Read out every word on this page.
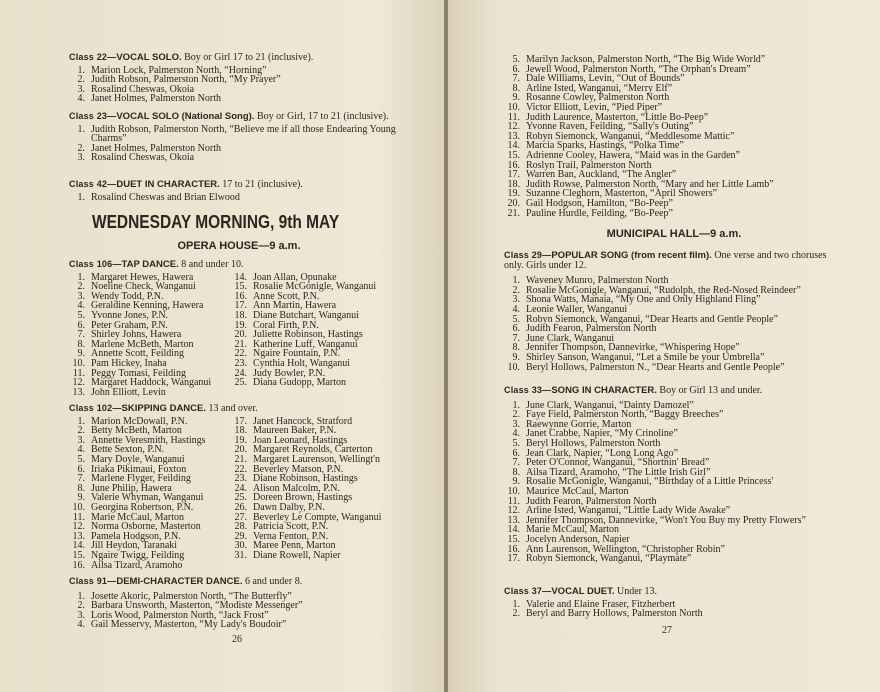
Class 22—VOCAL SOLO. Boy or Girl 17 to 21 (inclusive).

1. Marion Lock, Palmerston North, “Horning”
2. Judith Robson, Palmerston North, “My Prayer”
3. Rosalind Cheswas, Okoia
4. Janet Holmes, Palmerston North

Class 23—VOCAL SOLO (National Song). Boy or Girl, 17 to 21 (inclusive).

1. Judith Robson, Palmerston North, “Believe me if all those Endearing Young Charms”
2. Janet Holmes, Palmerston North
3. Rosalind Cheswas, Okoia

Class 42—DUET IN CHARACTER. 17 to 21 (inclusive).

1. Rosalind Cheswas and Brian Elwood
WEDNESDAY MORNING, 9th MAY
OPERA HOUSE—9 a.m.

Class 106—TAP DANCE. 8 and under 10.

1. Margaret Hewes, Hawera
2. Noeline Check, Wanganui
3. Wendy Todd, P.N.
4. Geraldine Kenning, Hawera
5. Yvonne Jones, P.N.
6. Peter Graham, P.N.
7. Shirley Johns, Hawera
8. Marlene McBeth, Marton
9. Annette Scott, Feilding
10. Pam Hickey, Inaha
11. Peggy Tomasi, Feilding
12. Margaret Haddock, Wanganui
13. John Elliott, Levin
14. Joan Allan, Opunake
15. Rosalie McGonigle, Wanganui
16. Anne Scott, P.N.
17. Ann Martin, Hawera
18. Diane Butchart, Wanganui
19. Coral Firth, P.N.
20. Juliette Robinson, Hastings
21. Katherine Luff, Wanganui
22. Ngaire Fountain, P.N.
23. Cynthia Holt, Wanganui
24. Judy Bowler, P.N.
25. Diana Gudopp, Marton

Class 102—SKIPPING DANCE. 13 and over.

1. Marion McDowall, P.N.
2. Betty McBeth, Marton
3. Annette Veresmith, Hastings
4. Bette Sexton, P.N.
5. Mary Doyle, Wanganui
6. Iriaka Pikimaui, Foxton
7. Marlene Flyger, Feilding
8. June Philip, Hawera
9. Valerie Whyman, Wanganui
10. Georgina Robertson, P.N.
11. Marie McCaul, Marton
12. Norma Osborne, Masterton
13. Pamela Hodgson, P.N.
14. Jill Heydon, Taranaki
15. Ngaire Twigg, Feilding
16. Ailsa Tizard, Aramoho
17. Janet Hancock, Stratford
18. Maureen Baker, P.N.
19. Joan Leonard, Hastings
20. Margaret Reynolds, Carterton
21. Margaret Laurenson, Wellingt'n
22. Beverley Matson, P.N.
23. Diane Robinson, Hastings
24. Alison Malcolm, P.N.
25. Doreen Brown, Hastings
26. Dawn Dalby, P.N.
27. Beverley Le Compte, Wanganui
28. Patricia Scott, P.N.
29. Verna Fenton, P.N.
30. Maree Penn, Marton
31. Diane Rowell, Napier

Class 91—DEMI-CHARACTER DANCE. 6 and under 8.

1. Josette Akoric, Palmerston North, “The Butterfly”
2. Barbara Unsworth, Masterton, “Modiste Messenger”
3. Loris Wood, Palmerston North, “Jack Frost”
4. Gail Messervy, Masterton, “My Lady's Boudoir”
26
5. Marilyn Jackson, Palmerston North, “The Big Wide World”
6. Jewell Wood, Palmerston North, “The Orphan's Dream”
7. Dale Williams, Levin, “Out of Bounds”
8. Arline Isted, Wanganui, “Merry Elf”
9. Rosanne Cowley, Palmerston North
10. Victor Elliott, Levin, “Pied Piper”
11. Judith Laurence, Masterton, “Little Bo-Peep”
12. Yvonne Raven, Feilding, “Sally's Outing”
13. Robyn Siemonck, Wanganui, “Meddlesome Mattic”
14. Marcia Sparks, Hastings, “Polka Time”
15. Adrienne Cooley, Hawera, “Maid was in the Garden”
16. Roslyn Trail, Palmerston North
17. Warren Ban, Auckland, “The Angler”
18. Judith Rowse, Palmerston North, “Mary and her Little Lamb”
19. Suzanne Cleghorn, Masterton, “April Showers”
20. Gail Hodgson, Hamilton, “Bo-Peep”
21. Pauline Hurdle, Feilding, “Bo-Peep”
MUNICIPAL HALL—9 a.m.

Class 29—POPULAR SONG (from recent film). One verse and two choruses only. Girls under 12.

1. Waveney Munro, Palmerston North
2. Rosalie McGonigle, Wanganui, “Rudolph, the Red-Nosed Reindeer”
3. Shona Watts, Manaia, “My One and Only Highland Fling”
4. Leonie Waller, Wanganui
5. Robyn Siemonck, Wanganui, “Dear Hearts and Gentle People”
6. Judith Fearon, Palmerston North
7. June Clark, Wanganui
8. Jennifer Thompson, Dannevirke, “Whispering Hope”
9. Shirley Sanson, Wanganui, “Let a Smile be your Umbrella”
10. Beryl Hollows, Palmerston N., “Dear Hearts and Gentle People”

Class 33—SONG IN CHARACTER. Boy or Girl 13 and under.

1. June Clark, Wanganui, “Dainty Damozel”
2. Faye Field, Palmerston North, “Baggy Breeches”
3. Raewynne Gorrie, Marton
4. Janet Crabbe, Napier, “My Crinoline”
5. Beryl Hollows, Palmerston North
6. Jean Clark, Napier, “Long Long Ago”
7. Peter O'Connor, Wanganui, “Shortnin' Bread”
8. Ailsa Tizard, Aramoho, “The Little Irish Girl”
9. Rosalie McGonigle, Wanganui, “Birthday of a Little Princess'
10. Maurice McCaul, Marton
11. Judith Fearon, Palmerston North
12. Arline Isted, Wanganui, “Little Lady Wide Awake”
13. Jennifer Thompson, Dannevirke, “Won't You Buy my Pretty Flowers”
14. Marie McCaul, Marton
15. Jocelyn Anderson, Napier
16. Ann Laurenson, Wellington, “Christopher Robin”
17. Robyn Siemonck, Wanganui, “Playmate”

Class 37—VOCAL DUET. Under 13.

1. Valerie and Elaine Fraser, Fitzherbert
2. Beryl and Barry Hollows, Palmerston North
27
